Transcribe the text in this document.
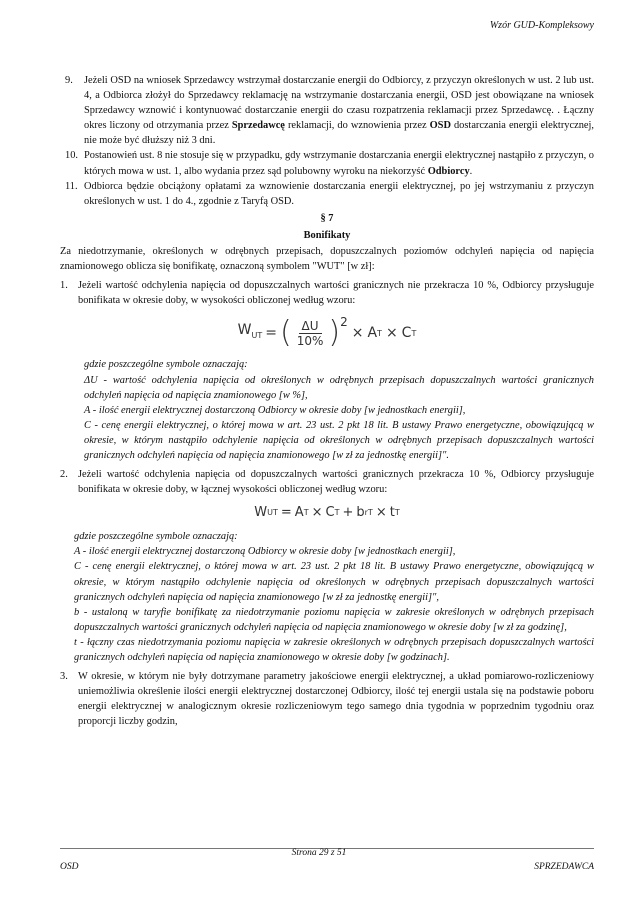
Wzór GUD-Kompleksowy
9. Jeżeli OSD na wniosek Sprzedawcy wstrzymał dostarczanie energii do Odbiorcy, z przyczyn określonych w ust. 2 lub ust. 4, a Odbiorca złożył do Sprzedawcy reklamację na wstrzymanie dostarczania energii, OSD jest obowiązane na wniosek Sprzedawcy wznowić i kontynuować dostarczanie energii do czasu rozpatrzenia reklamacji przez Sprzedawcę. . Łączny okres liczony od otrzymania przez Sprzedawcę reklamacji, do wznowienia przez OSD dostarczania energii elektrycznej, nie może być dłuższy niż 3 dni.

10. Postanowień ust. 8 nie stosuje się w przypadku, gdy wstrzymanie dostarczania energii elektrycznej nastąpiło z przyczyn, o których mowa w ust. 1, albo wydania przez sąd polubowny wyroku na niekorzyść Odbiorcy.

11. Odbiorca będzie obciążony opłatami za wznowienie dostarczania energii elektrycznej, po jej wstrzymaniu z przyczyn określonych w ust. 1 do 4., zgodnie z Taryfą OSD.

§ 7
Bonifikaty

Za niedotrzymanie, określonych w odrębnych przepisach, dopuszczalnych poziomów odchyleń napięcia od napięcia znamionowego oblicza się bonifikatę, oznaczoną symbolem "WUT" [w zł]:

1. Jeżeli wartość odchylenia napięcia od dopuszczalnych wartości granicznych nie przekracza 10 %, Odbiorcy przysługuje bonifikata w okresie doby, w wysokości obliczonej według wzoru:

$W_{UT}$ = ( $\frac{\Delta U}{10\%}$ ) 2
× A T × C T

gdzie poszczególne symbole oznaczają:

ΔU - wartość odchylenia napięcia od określonych w odrębnych przepisach dopuszczalnych wartości granicznych odchyleń napięcia od napięcia znamionowego [w %],

A - ilość energii elektrycznej dostarczoną Odbiorcy w okresie doby [w jednostkach energii],

C - cenę energii elektrycznej, o której mowa w art. 23 ust. 2 pkt 18 lit. B ustawy Prawo energetyczne, obowiązującą w okresie, w którym nastąpiło odchylenie napięcia od określonych w odrębnych przepisach dopuszczalnych wartości granicznych odchyleń napięcia od napięcia znamionowego [w zł za jednostkę energii]".

2. Jeżeli wartość odchylenia napięcia od dopuszczalnych wartości granicznych przekracza 10 %, Odbiorcy przysługuje bonifikata w okresie doby, w łącznej wysokości obliczonej według wzoru:

W UT = A T × C T + b rT × t T

gdzie poszczególne symbole oznaczają:

A - ilość energii elektrycznej dostarczoną Odbiorcy w okresie doby [w jednostkach energii],

C - cenę energii elektrycznej, o której mowa w art. 23 ust. 2 pkt 18 lit. B ustawy Prawo energetyczne, obowiązującą w okresie, w którym nastąpiło odchylenie napięcia od określonych w odrębnych przepisach dopuszczalnych wartości granicznych odchyleń napięcia od napięcia znamionowego [w zł za jednostkę energii]",

b - ustaloną w taryfie bonifikatę za niedotrzymanie poziomu napięcia w zakresie określonych w odrębnych przepisach dopuszczalnych wartości granicznych odchyleń napięcia od napięcia znamionowego w okresie doby [w zł za godzinę],

t - łączny czas niedotrzymania poziomu napięcia w zakresie określonych w odrębnych przepisach dopuszczalnych wartości granicznych odchyleń napięcia od napięcia znamionowego w okresie doby [w godzinach].

3. W okresie, w którym nie były dotrzymane parametry jakościowe energii elektrycznej, a układ pomiarowo-rozliczeniowy uniemożliwia określenie ilości energii elektrycznej dostarczonej Odbiorcy, ilość tej energii ustala się na podstawie poboru energii elektrycznej w analogicznym okresie rozliczeniowym tego samego dnia tygodnia w poprzednim tygodniu oraz proporcji liczby godzin,

Strona 29 z 51
OSD	SPRZEDAWCA
